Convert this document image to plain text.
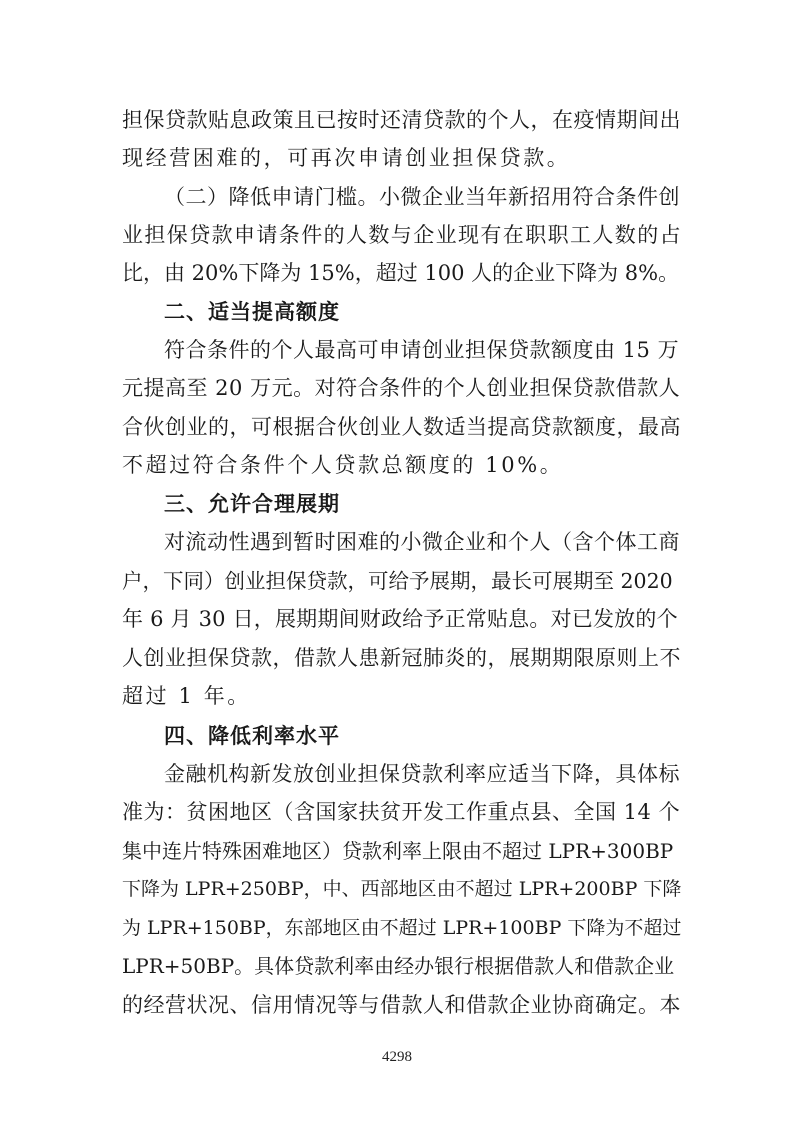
担保贷款贴息政策且已按时还清贷款的个人，在疫情期间出
现经营困难的，可再次申请创业担保贷款。
（二）降低申请门槛。小微企业当年新招用符合条件创
业担保贷款申请条件的人数与企业现有在职职工人数的占
比，由 20%下降为 15%，超过 100 人的企业下降为 8%。
二、适当提高额度
符合条件的个人最高可申请创业担保贷款额度由 15 万
元提高至 20 万元。对符合条件的个人创业担保贷款借款人
合伙创业的，可根据合伙创业人数适当提高贷款额度，最高
不超过符合条件个人贷款总额度的 10%。
三、允许合理展期
对流动性遇到暂时困难的小微企业和个人（含个体工商
户，下同）创业担保贷款，可给予展期，最长可展期至 2020
年 6 月 30 日，展期期间财政给予正常贴息。对已发放的个
人创业担保贷款，借款人患新冠肺炎的，展期期限原则上不
超过 1 年。
四、降低利率水平
金融机构新发放创业担保贷款利率应适当下降，具体标
准为：贫困地区（含国家扶贫开发工作重点县、全国 14 个
集中连片特殊困难地区）贷款利率上限由不超过 LPR+300BP
下降为 LPR+250BP，中、西部地区由不超过 LPR+200BP 下降
为 LPR+150BP，东部地区由不超过 LPR+100BP 下降为不超过
LPR+50BP。具体贷款利率由经办银行根据借款人和借款企业
的经营状况、信用情况等与借款人和借款企业协商确定。本
4298
